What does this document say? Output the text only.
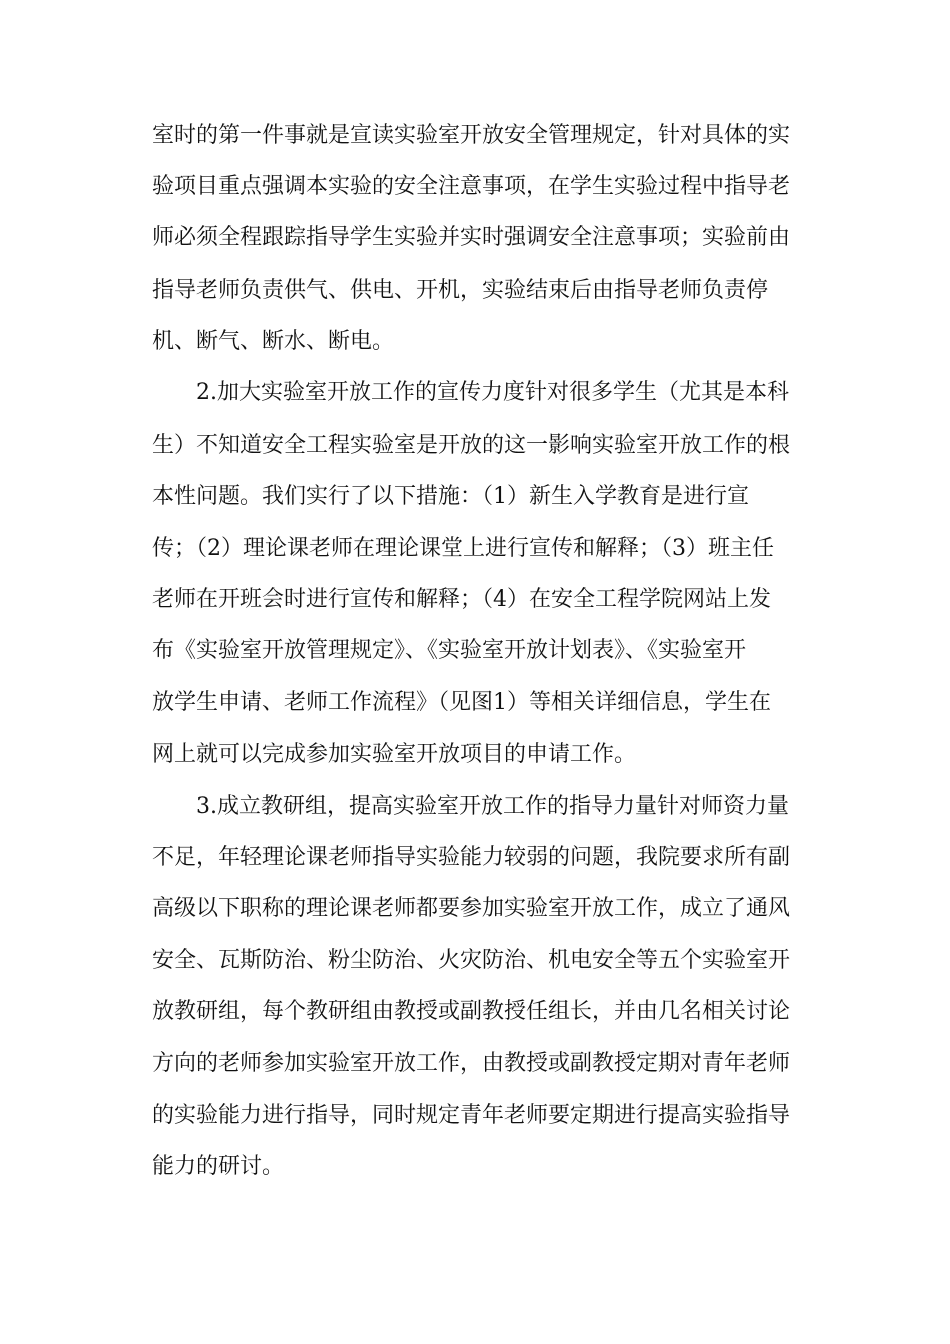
室时的第一件事就是宣读实验室开放安全管理规定，针对具体的实
验项目重点强调本实验的安全注意事项，在学生实验过程中指导老
师必须全程跟踪指导学生实验并实时强调安全注意事项；实验前由
指导老师负责供气、供电、开机，实验结束后由指导老师负责停
机、断气、断水、断电。
2.加大实验室开放工作的宣传力度针对很多学生（尤其是本科
生）不知道安全工程实验室是开放的这一影响实验室开放工作的根
本性问题。我们实行了以下措施：（1）新生入学教育是进行宣
传；（2）理论课老师在理论课堂上进行宣传和解释；（3）班主任
老师在开班会时进行宣传和解释；（4）在安全工程学院网站上发
布《实验室开放管理规定》、《实验室开放计划表》、《实验室开
放学生申请、老师工作流程》（见图1）等相关详细信息，学生在
网上就可以完成参加实验室开放项目的申请工作。
3.成立教研组，提高实验室开放工作的指导力量针对师资力量
不足，年轻理论课老师指导实验能力较弱的问题，我院要求所有副
高级以下职称的理论课老师都要参加实验室开放工作，成立了通风
安全、瓦斯防治、粉尘防治、火灾防治、机电安全等五个实验室开
放教研组，每个教研组由教授或副教授任组长，并由几名相关讨论
方向的老师参加实验室开放工作，由教授或副教授定期对青年老师
的实验能力进行指导，同时规定青年老师要定期进行提高实验指导
能力的研讨。
